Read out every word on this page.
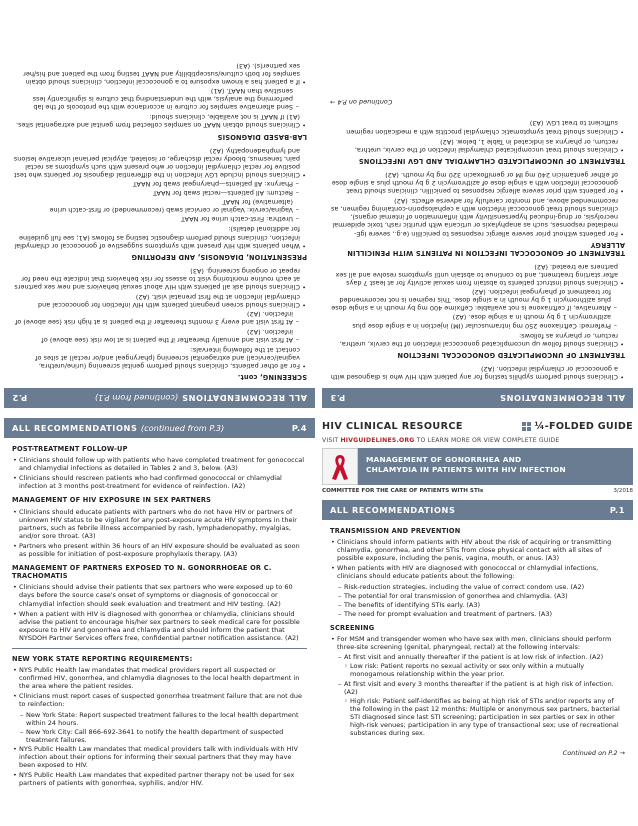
ALL RECOMMENDATIONS (continued from P.1)
P.2
SCREENING, cont.
• For all other patients, clinicians should perform genital screening (urine/urethra, vaginal/cervical) and extragenital screening (pharyngeal and/or rectal) at sites of contact at the following intervals:
– At first visit and annually thereafter if the patient is at low risk (see above) of infection. (A2)
– At first visit and every 3 months thereafter if the patient is at high risk (see above) of infection. (A2)
• Clinicians should screen pregnant patients with HIV infection for gonococcal and chlamydial infection at the first prenatal visit. (A2)
• Clinicians should ask all patients with HIV about sexual behaviors and new sex partners at each routine monitoring visit to assess for risk behaviors that indicate the need for repeat or ongoing screening. (A3)
PRESENTATION, DIAGNOSIS, AND REPORTING
• When patients with HIV present with symptoms suggestive of gonococcal or chlamydial infection, clinicians should perform diagnostic testing as follows (A1; see full guideline for additional details):
– Urethra: First-catch urine for NAAT
– Vagina/cervix: Vaginal or cervical swab (recommended) or first-catch urine (alternative) for NAAT
– Rectum: All patients—rectal swab for NAAT
– Pharynx: All patients—pharyngeal swab for NAAT
• Clinicians should include LGV infection in the differential diagnosis for patients who test positive for rectal chlamydial infection or who present with such symptoms as rectal pain, tenesmus, bloody rectal discharge, or isolated, atypical perianal ulcerative lesions and lymphadenopathy. (A2)
LAB-BASED DIAGNOSIS
• Clinicians should obtain NAAT on samples collected from genital and extragenital sites. (A1) If NAAT is not available, clinicians should:
– Send alternative samples for culture in accordance with the protocols of the lab performing the analysis, with the understanding that culture is significantly less sensitive than NAAT. (A1)
• If a patient has a known exposure to a gonococcal infection, clinicians should obtain samples for both culture/susceptibility and NAAT testing from the patient and his/her sex partner(s). (A3)
ALL RECOMMENDATIONS
P.3
• Clinicians should perform syphilis testing for any patient with HIV who is diagnosed with a gonococcal or chlamydial infection. (A2)
TREATMENT OF UNCOMPLICATED GONOCOCCAL INFECTION
• Clinicians should follow up uncomplicated gonococcal infection of the cervix, urethra, rectum, or pharynx as follows:
– Preferred: Ceftriaxone 250 mg intramuscular (IM) injection in a single dose plus azithromycin 1 g by mouth in a single dose. (A2)
– Alternative, if ceftriaxone is not available: Cefixime 400 mg by mouth in a single dose plus azithromycin 1 g by mouth in a single dose. This regimen is not recommended for treatment of pharyngeal infection. (A2)
• Clinicians should instruct patients to abstain from sexual activity for at least 7 days after starting treatment, and to continue to abstain until symptoms resolve and all sex partners are treated. (A2)
TREATMENT OF GONOCOCCAL INFECTION IN PATIENTS WITH PENICILLIN ALLERGY
• For patients without prior severe allergic responses to penicillin (e.g., severe IgE-mediated responses, such as anaphylaxis or urticaria with pruritic rash, toxic epidermal necrolysis, or drug-induced hypersensitivity with inflammation of internal organs), clinicians should treat gonococcal infection with a cephalosporin-containing regimen, as recommended above, and monitor carefully for adverse effects. (A2)
• For patients with prior severe allergic responses to penicillin, clinicians should treat gonococcal infection with a single dose of azithromycin 2 g by mouth plus a single dose of either gentamicin 240 mg IM or gemifloxacin 320 mg by mouth. (A2)
TREATMENT OF UNCOMPLICATED CHLAMYDIAL AND LGV INFECTIONS
• Clinicians should treat uncomplicated chlamydial infection of the cervix, urethra, rectum, or pharynx as indicated in Table 1, below. (A2)
• Clinicians should treat symptomatic chlamydial proctitis with a medication regimen sufficient to treat LGV. (A3)
Continued on P.4 →
ALL RECOMMENDATIONS (continued from P.3)	P.4
POST-TREATMENT FOLLOW-UP
• Clinicians should follow up with patients who have completed treatment for gonococcal and chlamydial infections as detailed in Tables 2 and 3, below. (A3)
• Clinicians should rescreen patients who had confirmed gonococcal or chlamydial infection at 3 months post-treatment for evidence of reinfection. (A2)
MANAGEMENT OF HIV EXPOSURE IN SEX PARTNERS
• Clinicians should educate patients with partners who do not have HIV or partners of unknown HIV status to be vigilant for any post-exposure acute HIV symptoms in their partners, such as febrile illness accompanied by rash, lymphadenopathy, myalgias, and/or sore throat. (A3)
• Partners who present within 36 hours of an HIV exposure should be evaluated as soon as possible for initiation of post-exposure prophylaxis therapy. (A3)
MANAGEMENT OF PARTNERS EXPOSED TO N. GONORRHOEAE OR C. TRACHOMATIS
• Clinicians should advise their patients that sex partners who were exposed up to 60 days before the source case's onset of symptoms or diagnosis of gonococcal or chlamydial infection should seek evaluation and treatment and HIV testing. (A2)
• When a patient with HIV is diagnosed with gonorrhea or chlamydia, clinicians should advise the patient to encourage his/her sex partners to seek medical care for possible exposure to HIV and gonorrhea and chlamydia and should inform the patient that NYSDOH Partner Services offers free, confidential partner notification assistance. (A2)
NEW YORK STATE REPORTING REQUIREMENTS:
• NYS Public Health law mandates that medical providers report all suspected or confirmed HIV, gonorrhea, and chlamydia diagnoses to the local health department in the area where the patient resides.
• Clinicians must report cases of suspected gonorrhea treatment failure that are not due to reinfection:
– New York State: Report suspected treatment failures to the local health department within 24 hours.
– New York City: Call 866-692-3641 to notify the health department of suspected treatment failures.
• NYS Public Health Law mandates that medical providers talk with individuals with HIV infection about their options for informing their sexual partners that they may have been exposed to HIV.
• NYS Public Health Law mandates that expedited partner therapy not be used for sex partners of patients with gonorrhea, syphilis, and/or HIV.
HIV CLINICAL RESOURCE	¼-FOLDED GUIDE
VISIT HIVGUIDELINES.ORG TO LEARN MORE OR VIEW COMPLETE GUIDE
MANAGEMENT OF GONORRHEA AND
CHLAMYDIA IN PATIENTS WITH HIV INFECTION
COMMITTEE FOR THE CARE OF PATIENTS WITH STIs	3/2018
ALL RECOMMENDATIONS	P.1
TRANSMISSION AND PREVENTION
• Clinicians should inform patients with HIV about the risk of acquiring or transmitting chlamydia, gonorrhea, and other STIs from close physical contact with all sites of possible exposure, including the penis, vagina, mouth, or anus. (A3)
• When patients with HIV are diagnosed with gonococcal or chlamydial infections, clinicians should educate patients about the following:
– Risk-reduction strategies, including the value of correct condom use. (A2)
– The potential for oral transmission of gonorrhea and chlamydia. (A3)
– The benefits of identifying STIs early. (A3)
– The need for prompt evaluation and treatment of partners. (A3)
SCREENING
• For MSM and transgender women who have sex with men, clinicians should perform three-site screening (genital, pharyngeal, rectal) at the following intervals:
– At first visit and annually thereafter if the patient is at low risk of infection. (A2)
◦ Low risk: Patient reports no sexual activity or sex only within a mutually monogamous relationship within the year prior.
– At first visit and every 3 months thereafter if the patient is at high risk of infection. (A2)
◦ High risk: Patient self-identifies as being at high risk of STIs and/or reports any of the following in the past 12 months: Multiple or anonymous sex partners, bacterial STI diagnosed since last STI screening; participation in sex parties or sex in other high-risk venues; participation in any type of transactional sex; use of recreational substances during sex.
Continued on P.2 →
